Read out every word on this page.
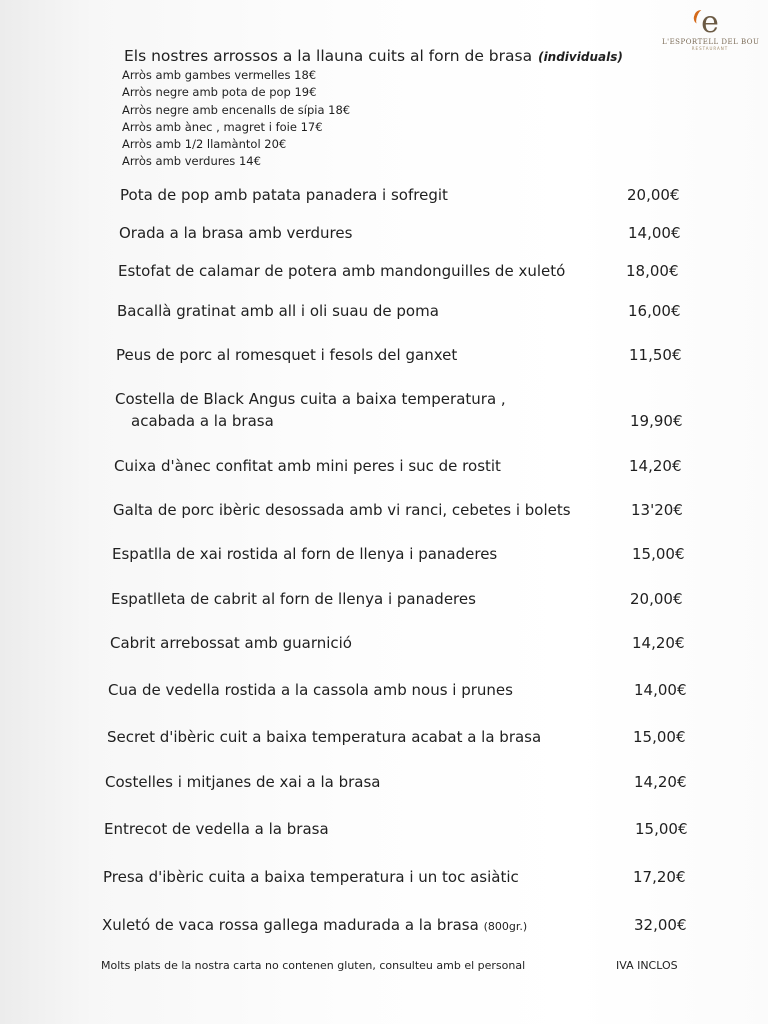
e
L'ESPORTELL DEL BOU
RESTAURANT
Els nostres arrossos a la llauna cuits al forn de brasa (individuals)
Arròs amb gambes vermelles 18€
Arròs negre amb pota de pop 19€
Arròs negre amb encenalls de sípia 18€
Arròs amb ànec , magret i foie 17€
Arròs amb 1/2 llamàntol 20€
Arròs amb verdures 14€
Pota de pop amb patata panadera i sofregit	20,00€
Orada a la brasa amb verdures	14,00€
Estofat de calamar de potera amb mandonguilles de xuletó	18,00€
Bacallà gratinat amb all i oli suau de poma	16,00€
Peus de porc al romesquet i fesols del ganxet	11,50€
Costella de Black Angus cuita a baixa temperatura ,
acabada a la brasa	19,90€
Cuixa d'ànec confitat amb mini peres i suc de rostit	14,20€
Galta de porc ibèric desossada amb vi ranci, cebetes i bolets	13'20€
Espatlla de xai rostida al forn de llenya i panaderes	15,00€
Espatlleta de cabrit al forn de llenya i panaderes	20,00€
Cabrit arrebossat amb guarnició	14,20€
Cua de vedella rostida a la cassola amb nous i prunes	14,00€
Secret d'ibèric cuit a baixa temperatura acabat a la brasa	15,00€
Costelles i mitjanes de xai a la brasa	14,20€
Entrecot de vedella a la brasa	15,00€
Presa d'ibèric cuita a baixa temperatura i un toc asiàtic	17,20€
Xuletó de vaca rossa gallega madurada a la brasa (800gr.)	32,00€
Molts plats de la nostra carta no contenen gluten, consulteu amb el personal	IVA INCLOS
